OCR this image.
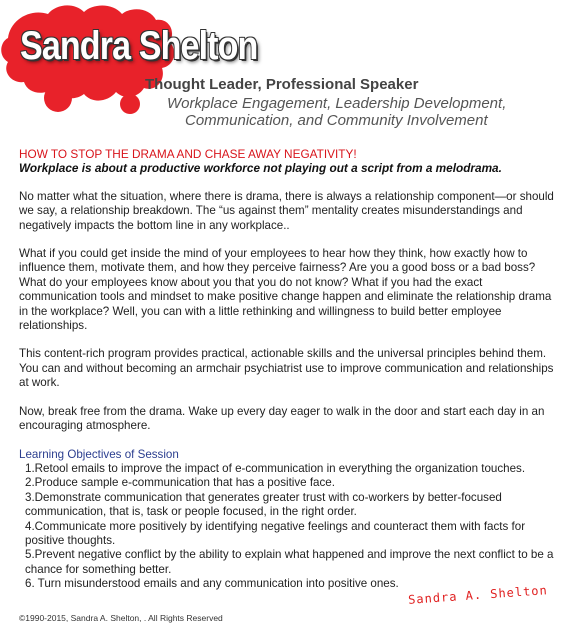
Sandra Shelton
Thought Leader, Professional Speaker
Workplace Engagement, Leadership Development,
Communication, and Community Involvement

HOW TO STOP THE DRAMA AND CHASE AWAY NEGATIVITY!

Workplace is about a productive workforce not playing out a script from a melodrama.

No matter what the situation, where there is drama, there is always a relationship component—or should we say, a relationship breakdown. The “us against them” mentality creates misunderstandings and negatively impacts the bottom line in any workplace..

What if you could get inside the mind of your employees to hear how they think, how exactly how to influence them, motivate them, and how they perceive fairness? Are you a good boss or a bad boss? What do your employees know about you that you do not know? What if you had the exact communication tools and mindset to make positive change happen and eliminate the relationship drama in the workplace? Well, you can with a little rethinking and willingness to build better employee relationships.

This content-rich program provides practical, actionable skills and the universal principles behind them. You can and without becoming an armchair psychiatrist use to improve communication and relationships at work.

Now, break free from the drama. Wake up every day eager to walk in the door and start each day in an encouraging atmosphere.

Learning Objectives of Session

1.Retool emails to improve the impact of e-communication in everything the organization touches.

2.Produce sample e-communication that has a positive face.

3.Demonstrate communication that generates greater trust with co-workers by better-focused communication, that is, task or people focused, in the right order.

4.Communicate more positively by identifying negative feelings and counteract them with facts for positive thoughts.

5.Prevent negative conflict by the ability to explain what happened and improve the next conflict to be a chance for something better.

6. Turn misunderstood emails and any communication into positive ones. Sandra A. Shelton
©1990-2015, Sandra A. Shelton, . All Rights Reserved
